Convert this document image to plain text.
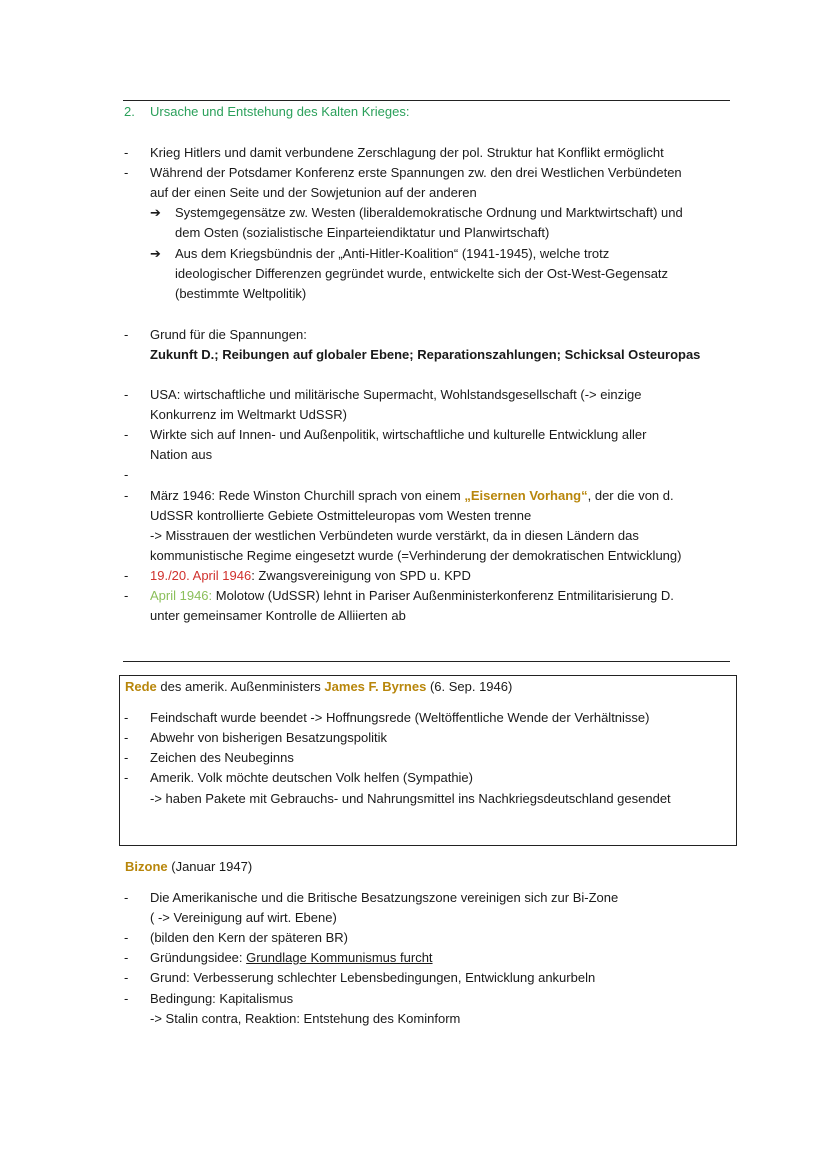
2. Ursache und Entstehung des Kalten Krieges:
- Krieg Hitlers und damit verbundene Zerschlagung der pol. Struktur hat Konflikt ermöglicht
- Während der Potsdamer Konferenz erste Spannungen zw. den drei Westlichen Verbündeten
auf der einen Seite und der Sowjetunion auf der anderen
➔ Systemgegensätze zw. Westen (liberaldemokratische Ordnung und Marktwirtschaft) und
dem Osten (sozialistische Einparteiendiktatur und Planwirtschaft)
➔ Aus dem Kriegsbündnis der „Anti-Hitler-Koalition“ (1941-1945), welche trotz
ideologischer Differenzen gegründet wurde, entwickelte sich der Ost-West-Gegensatz
(bestimmte Weltpolitik)
- Grund für die Spannungen:
Zukunft D.; Reibungen auf globaler Ebene; Reparationszahlungen; Schicksal Osteuropas
- USA: wirtschaftliche und militärische Supermacht, Wohlstandsgesellschaft (-> einzige
Konkurrenz im Weltmarkt UdSSR)
- Wirkte sich auf Innen- und Außenpolitik, wirtschaftliche und kulturelle Entwicklung aller
Nation aus
-
- März 1946: Rede Winston Churchill sprach von einem „Eisernen Vorhang“, der die von d.
UdSSR kontrollierte Gebiete Ostmitteleuropas vom Westen trenne
-> Misstrauen der westlichen Verbündeten wurde verstärkt, da in diesen Ländern das
kommunistische Regime eingesetzt wurde (=Verhinderung der demokratischen Entwicklung)
- 19./20. April 1946: Zwangsvereinigung von SPD u. KPD
- April 1946: Molotow (UdSSR) lehnt in Pariser Außenministerkonferenz Entmilitarisierung D.
unter gemeinsamer Kontrolle de Alliierten ab
Rede des amerik. Außenministers James F. Byrnes (6. Sep. 1946)
- Feindschaft wurde beendet -> Hoffnungsrede (Weltöffentliche Wende der Verhältnisse)
- Abwehr von bisherigen Besatzungspolitik
- Zeichen des Neubeginns
- Amerik. Volk möchte deutschen Volk helfen (Sympathie)
-> haben Pakete mit Gebrauchs- und Nahrungsmittel ins Nachkriegsdeutschland gesendet
Bizone (Januar 1947)
- Die Amerikanische und die Britische Besatzungszone vereinigen sich zur Bi-Zone
( -> Vereinigung auf wirt. Ebene)
- (bilden den Kern der späteren BR)
- Gründungsidee: Grundlage Kommunismus furcht
- Grund: Verbesserung schlechter Lebensbedingungen, Entwicklung ankurbeln
- Bedingung: Kapitalismus
-> Stalin contra, Reaktion: Entstehung des Kominform
